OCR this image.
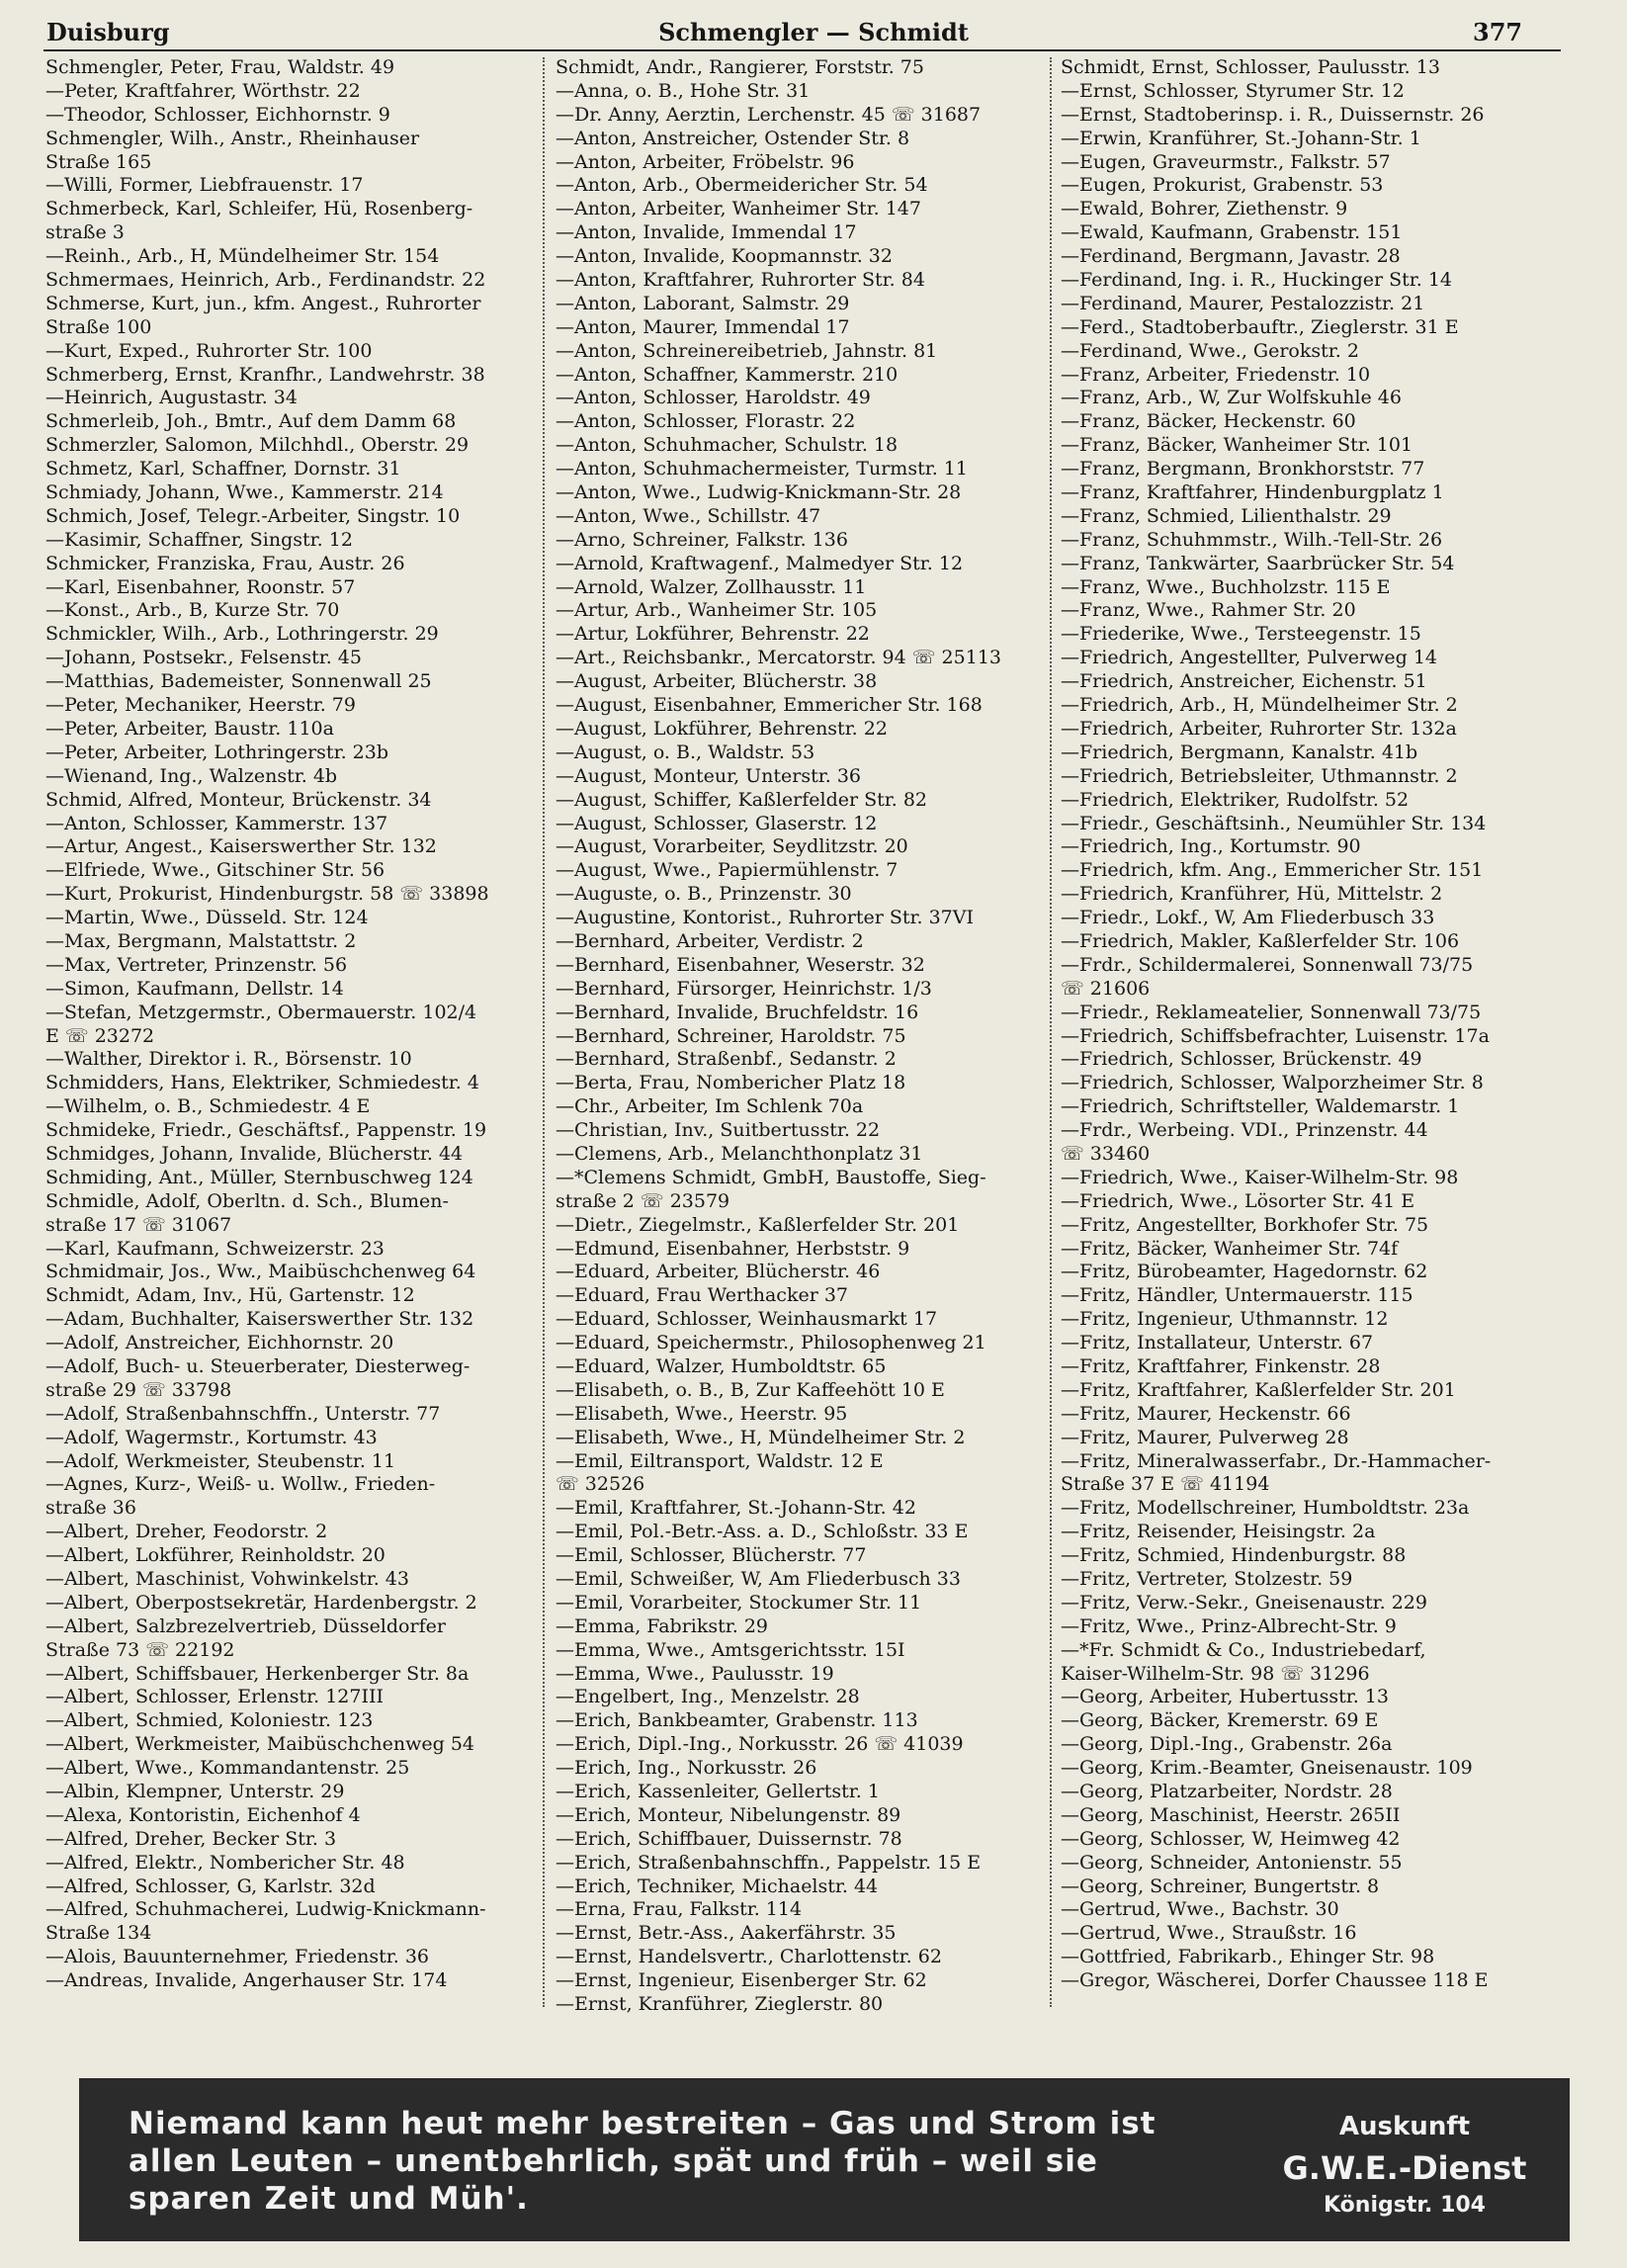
Duisburg	Schmengler — Schmidt	377
Schmengler, Peter, Frau, Waldstr. 49
—Peter, Kraftfahrer, Wörthstr. 22
—Theodor, Schlosser, Eichhornstr. 9
Schmengler, Wilh., Anstr., Rheinhauser
Straße 165
—Willi, Former, Liebfrauenstr. 17
Schmerbeck, Karl, Schleifer, Hü, Rosenberg-
straße 3
—Reinh., Arb., H, Mündelheimer Str. 154
Schmermaes, Heinrich, Arb., Ferdinandstr. 22
Schmerse, Kurt, jun., kfm. Angest., Ruhrorter
Straße 100
—Kurt, Exped., Ruhrorter Str. 100
Schmerberg, Ernst, Kranfhr., Landwehrstr. 38
—Heinrich, Augustastr. 34
Schmerleib, Joh., Bmtr., Auf dem Damm 68
Schmerzler, Salomon, Milchhdl., Oberstr. 29
Schmetz, Karl, Schaffner, Dornstr. 31
Schmiady, Johann, Wwe., Kammerstr. 214
Schmich, Josef, Telegr.-Arbeiter, Singstr. 10
—Kasimir, Schaffner, Singstr. 12
Schmicker, Franziska, Frau, Austr. 26
—Karl, Eisenbahner, Roonstr. 57
—Konst., Arb., B, Kurze Str. 70
Schmickler, Wilh., Arb., Lothringerstr. 29
—Johann, Postsekr., Felsenstr. 45
—Matthias, Bademeister, Sonnenwall 25
—Peter, Mechaniker, Heerstr. 79
—Peter, Arbeiter, Baustr. 110a
—Peter, Arbeiter, Lothringerstr. 23b
—Wienand, Ing., Walzenstr. 4b
Schmid, Alfred, Monteur, Brückenstr. 34
—Anton, Schlosser, Kammerstr. 137
—Artur, Angest., Kaiserswerther Str. 132
—Elfriede, Wwe., Gitschiner Str. 56
—Kurt, Prokurist, Hindenburgstr. 58 ☏ 33898
—Martin, Wwe., Düsseld. Str. 124
—Max, Bergmann, Malstattstr. 2
—Max, Vertreter, Prinzenstr. 56
—Simon, Kaufmann, Dellstr. 14
—Stefan, Metzgermstr., Obermauerstr. 102/4
E ☏ 23272
—Walther, Direktor i. R., Börsenstr. 10
Schmidders, Hans, Elektriker, Schmiedestr. 4
—Wilhelm, o. B., Schmiedestr. 4 E
Schmideke, Friedr., Geschäftsf., Pappenstr. 19
Schmidges, Johann, Invalide, Blücherstr. 44
Schmiding, Ant., Müller, Sternbuschweg 124
Schmidle, Adolf, Oberltn. d. Sch., Blumen-
straße 17 ☏ 31067
—Karl, Kaufmann, Schweizerstr. 23
Schmidmair, Jos., Ww., Maibüschchenweg 64
Schmidt, Adam, Inv., Hü, Gartenstr. 12
—Adam, Buchhalter, Kaiserswerther Str. 132
—Adolf, Anstreicher, Eichhornstr. 20
—Adolf, Buch- u. Steuerberater, Diesterweg-
straße 29 ☏ 33798
—Adolf, Straßenbahnschffn., Unterstr. 77
—Adolf, Wagermstr., Kortumstr. 43
—Adolf, Werkmeister, Steubenstr. 11
—Agnes, Kurz-, Weiß- u. Wollw., Frieden-
straße 36
—Albert, Dreher, Feodorstr. 2
—Albert, Lokführer, Reinholdstr. 20
—Albert, Maschinist, Vohwinkelstr. 43
—Albert, Oberpostsekretär, Hardenbergstr. 2
—Albert, Salzbrezelvertrieb, Düsseldorfer
Straße 73 ☏ 22192
—Albert, Schiffsbauer, Herkenberger Str. 8a
—Albert, Schlosser, Erlenstr. 127III
—Albert, Schmied, Koloniestr. 123
—Albert, Werkmeister, Maibüschchenweg 54
—Albert, Wwe., Kommandantenstr. 25
—Albin, Klempner, Unterstr. 29
—Alexa, Kontoristin, Eichenhof 4
—Alfred, Dreher, Becker Str. 3
—Alfred, Elektr., Nombericher Str. 48
—Alfred, Schlosser, G, Karlstr. 32d
—Alfred, Schuhmacherei, Ludwig-Knickmann-
Straße 134
—Alois, Bauunternehmer, Friedenstr. 36
—Andreas, Invalide, Angerhauser Str. 174
Schmidt, Andr., Rangierer, Forststr. 75
—Anna, o. B., Hohe Str. 31
—Dr. Anny, Aerztin, Lerchenstr. 45 ☏ 31687
—Anton, Anstreicher, Ostender Str. 8
—Anton, Arbeiter, Fröbelstr. 96
—Anton, Arb., Obermeidericher Str. 54
—Anton, Arbeiter, Wanheimer Str. 147
—Anton, Invalide, Immendal 17
—Anton, Invalide, Koopmannstr. 32
—Anton, Kraftfahrer, Ruhrorter Str. 84
—Anton, Laborant, Salmstr. 29
—Anton, Maurer, Immendal 17
—Anton, Schreinereibetrieb, Jahnstr. 81
—Anton, Schaffner, Kammerstr. 210
—Anton, Schlosser, Haroldstr. 49
—Anton, Schlosser, Florastr. 22
—Anton, Schuhmacher, Schulstr. 18
—Anton, Schuhmachermeister, Turmstr. 11
—Anton, Wwe., Ludwig-Knickmann-Str. 28
—Anton, Wwe., Schillstr. 47
—Arno, Schreiner, Falkstr. 136
—Arnold, Kraftwagenf., Malmedyer Str. 12
—Arnold, Walzer, Zollhausstr. 11
—Artur, Arb., Wanheimer Str. 105
—Artur, Lokführer, Behrenstr. 22
—Art., Reichsbankr., Mercatorstr. 94 ☏ 25113
—August, Arbeiter, Blücherstr. 38
—August, Eisenbahner, Emmericher Str. 168
—August, Lokführer, Behrenstr. 22
—August, o. B., Waldstr. 53
—August, Monteur, Unterstr. 36
—August, Schiffer, Kaßlerfelder Str. 82
—August, Schlosser, Glaserstr. 12
—August, Vorarbeiter, Seydlitzstr. 20
—August, Wwe., Papiermühlenstr. 7
—Auguste, o. B., Prinzenstr. 30
—Augustine, Kontorist., Ruhrorter Str. 37VI
—Bernhard, Arbeiter, Verdistr. 2
—Bernhard, Eisenbahner, Weserstr. 32
—Bernhard, Fürsorger, Heinrichstr. 1/3
—Bernhard, Invalide, Bruchfeldstr. 16
—Bernhard, Schreiner, Haroldstr. 75
—Bernhard, Straßenbf., Sedanstr. 2
—Berta, Frau, Nombericher Platz 18
—Chr., Arbeiter, Im Schlenk 70a
—Christian, Inv., Suitbertusstr. 22
—Clemens, Arb., Melanchthonplatz 31
—*Clemens Schmidt, GmbH, Baustoffe, Sieg-
straße 2 ☏ 23579
—Dietr., Ziegelmstr., Kaßlerfelder Str. 201
—Edmund, Eisenbahner, Herbststr. 9
—Eduard, Arbeiter, Blücherstr. 46
—Eduard, Frau Werthacker 37
—Eduard, Schlosser, Weinhausmarkt 17
—Eduard, Speichermstr., Philosophenweg 21
—Eduard, Walzer, Humboldtstr. 65
—Elisabeth, o. B., B, Zur Kaffeehött 10 E
—Elisabeth, Wwe., Heerstr. 95
—Elisabeth, Wwe., H, Mündelheimer Str. 2
—Emil, Eiltransport, Waldstr. 12 E
☏ 32526
—Emil, Kraftfahrer, St.-Johann-Str. 42
—Emil, Pol.-Betr.-Ass. a. D., Schloßstr. 33 E
—Emil, Schlosser, Blücherstr. 77
—Emil, Schweißer, W, Am Fliederbusch 33
—Emil, Vorarbeiter, Stockumer Str. 11
—Emma, Fabrikstr. 29
—Emma, Wwe., Amtsgerichtsstr. 15I
—Emma, Wwe., Paulusstr. 19
—Engelbert, Ing., Menzelstr. 28
—Erich, Bankbeamter, Grabenstr. 113
—Erich, Dipl.-Ing., Norkusstr. 26 ☏ 41039
—Erich, Ing., Norkusstr. 26
—Erich, Kassenleiter, Gellertstr. 1
—Erich, Monteur, Nibelungenstr. 89
—Erich, Schiffbauer, Duissernstr. 78
—Erich, Straßenbahnschffn., Pappelstr. 15 E
—Erich, Techniker, Michaelstr. 44
—Erna, Frau, Falkstr. 114
—Ernst, Betr.-Ass., Aakerfährstr. 35
—Ernst, Handelsvertr., Charlottenstr. 62
—Ernst, Ingenieur, Eisenberger Str. 62
—Ernst, Kranführer, Zieglerstr. 80
Schmidt, Ernst, Schlosser, Paulusstr. 13
—Ernst, Schlosser, Styrumer Str. 12
—Ernst, Stadtoberinsp. i. R., Duissernstr. 26
—Erwin, Kranführer, St.-Johann-Str. 1
—Eugen, Graveurmstr., Falkstr. 57
—Eugen, Prokurist, Grabenstr. 53
—Ewald, Bohrer, Ziethenstr. 9
—Ewald, Kaufmann, Grabenstr. 151
—Ferdinand, Bergmann, Javastr. 28
—Ferdinand, Ing. i. R., Huckinger Str. 14
—Ferdinand, Maurer, Pestalozzistr. 21
—Ferd., Stadtoberbauftr., Zieglerstr. 31 E
—Ferdinand, Wwe., Gerokstr. 2
—Franz, Arbeiter, Friedenstr. 10
—Franz, Arb., W, Zur Wolfskuhle 46
—Franz, Bäcker, Heckenstr. 60
—Franz, Bäcker, Wanheimer Str. 101
—Franz, Bergmann, Bronkhorststr. 77
—Franz, Kraftfahrer, Hindenburgplatz 1
—Franz, Schmied, Lilienthalstr. 29
—Franz, Schuhmmstr., Wilh.-Tell-Str. 26
—Franz, Tankwärter, Saarbrücker Str. 54
—Franz, Wwe., Buchholzstr. 115 E
—Franz, Wwe., Rahmer Str. 20
—Friederike, Wwe., Tersteegenstr. 15
—Friedrich, Angestellter, Pulverweg 14
—Friedrich, Anstreicher, Eichenstr. 51
—Friedrich, Arb., H, Mündelheimer Str. 2
—Friedrich, Arbeiter, Ruhrorter Str. 132a
—Friedrich, Bergmann, Kanalstr. 41b
—Friedrich, Betriebsleiter, Uthmannstr. 2
—Friedrich, Elektriker, Rudolfstr. 52
—Friedr., Geschäftsinh., Neumühler Str. 134
—Friedrich, Ing., Kortumstr. 90
—Friedrich, kfm. Ang., Emmericher Str. 151
—Friedrich, Kranführer, Hü, Mittelstr. 2
—Friedr., Lokf., W, Am Fliederbusch 33
—Friedrich, Makler, Kaßlerfelder Str. 106
—Frdr., Schildermalerei, Sonnenwall 73/75
☏ 21606
—Friedr., Reklameatelier, Sonnenwall 73/75
—Friedrich, Schiffsbefrachter, Luisenstr. 17a
—Friedrich, Schlosser, Brückenstr. 49
—Friedrich, Schlosser, Walporzheimer Str. 8
—Friedrich, Schriftsteller, Waldemarstr. 1
—Frdr., Werbeing. VDI., Prinzenstr. 44
☏ 33460
—Friedrich, Wwe., Kaiser-Wilhelm-Str. 98
—Friedrich, Wwe., Lösorter Str. 41 E
—Fritz, Angestellter, Borkhofer Str. 75
—Fritz, Bäcker, Wanheimer Str. 74f
—Fritz, Bürobeamter, Hagedornstr. 62
—Fritz, Händler, Untermauerstr. 115
—Fritz, Ingenieur, Uthmannstr. 12
—Fritz, Installateur, Unterstr. 67
—Fritz, Kraftfahrer, Finkenstr. 28
—Fritz, Kraftfahrer, Kaßlerfelder Str. 201
—Fritz, Maurer, Heckenstr. 66
—Fritz, Maurer, Pulverweg 28
—Fritz, Mineralwasserfabr., Dr.-Hammacher-
Straße 37 E ☏ 41194
—Fritz, Modellschreiner, Humboldtstr. 23a
—Fritz, Reisender, Heisingstr. 2a
—Fritz, Schmied, Hindenburgstr. 88
—Fritz, Vertreter, Stolzestr. 59
—Fritz, Verw.-Sekr., Gneisenaustr. 229
—Fritz, Wwe., Prinz-Albrecht-Str. 9
—*Fr. Schmidt & Co., Industriebedarf,
Kaiser-Wilhelm-Str. 98 ☏ 31296
—Georg, Arbeiter, Hubertusstr. 13
—Georg, Bäcker, Kremerstr. 69 E
—Georg, Dipl.-Ing., Grabenstr. 26a
—Georg, Krim.-Beamter, Gneisenaustr. 109
—Georg, Platzarbeiter, Nordstr. 28
—Georg, Maschinist, Heerstr. 265II
—Georg, Schlosser, W, Heimweg 42
—Georg, Schneider, Antonienstr. 55
—Georg, Schreiner, Bungertstr. 8
—Gertrud, Wwe., Bachstr. 30
—Gertrud, Wwe., Straußstr. 16
—Gottfried, Fabrikarb., Ehinger Str. 98
—Gregor, Wäscherei, Dorfer Chaussee 118 E
Niemand kann heut mehr bestreiten – Gas und Strom ist
allen Leuten – unentbehrlich, spät und früh – weil sie
sparen Zeit und Müh'.
Auskunft
G.W.E.-Dienst
Königstr. 104
